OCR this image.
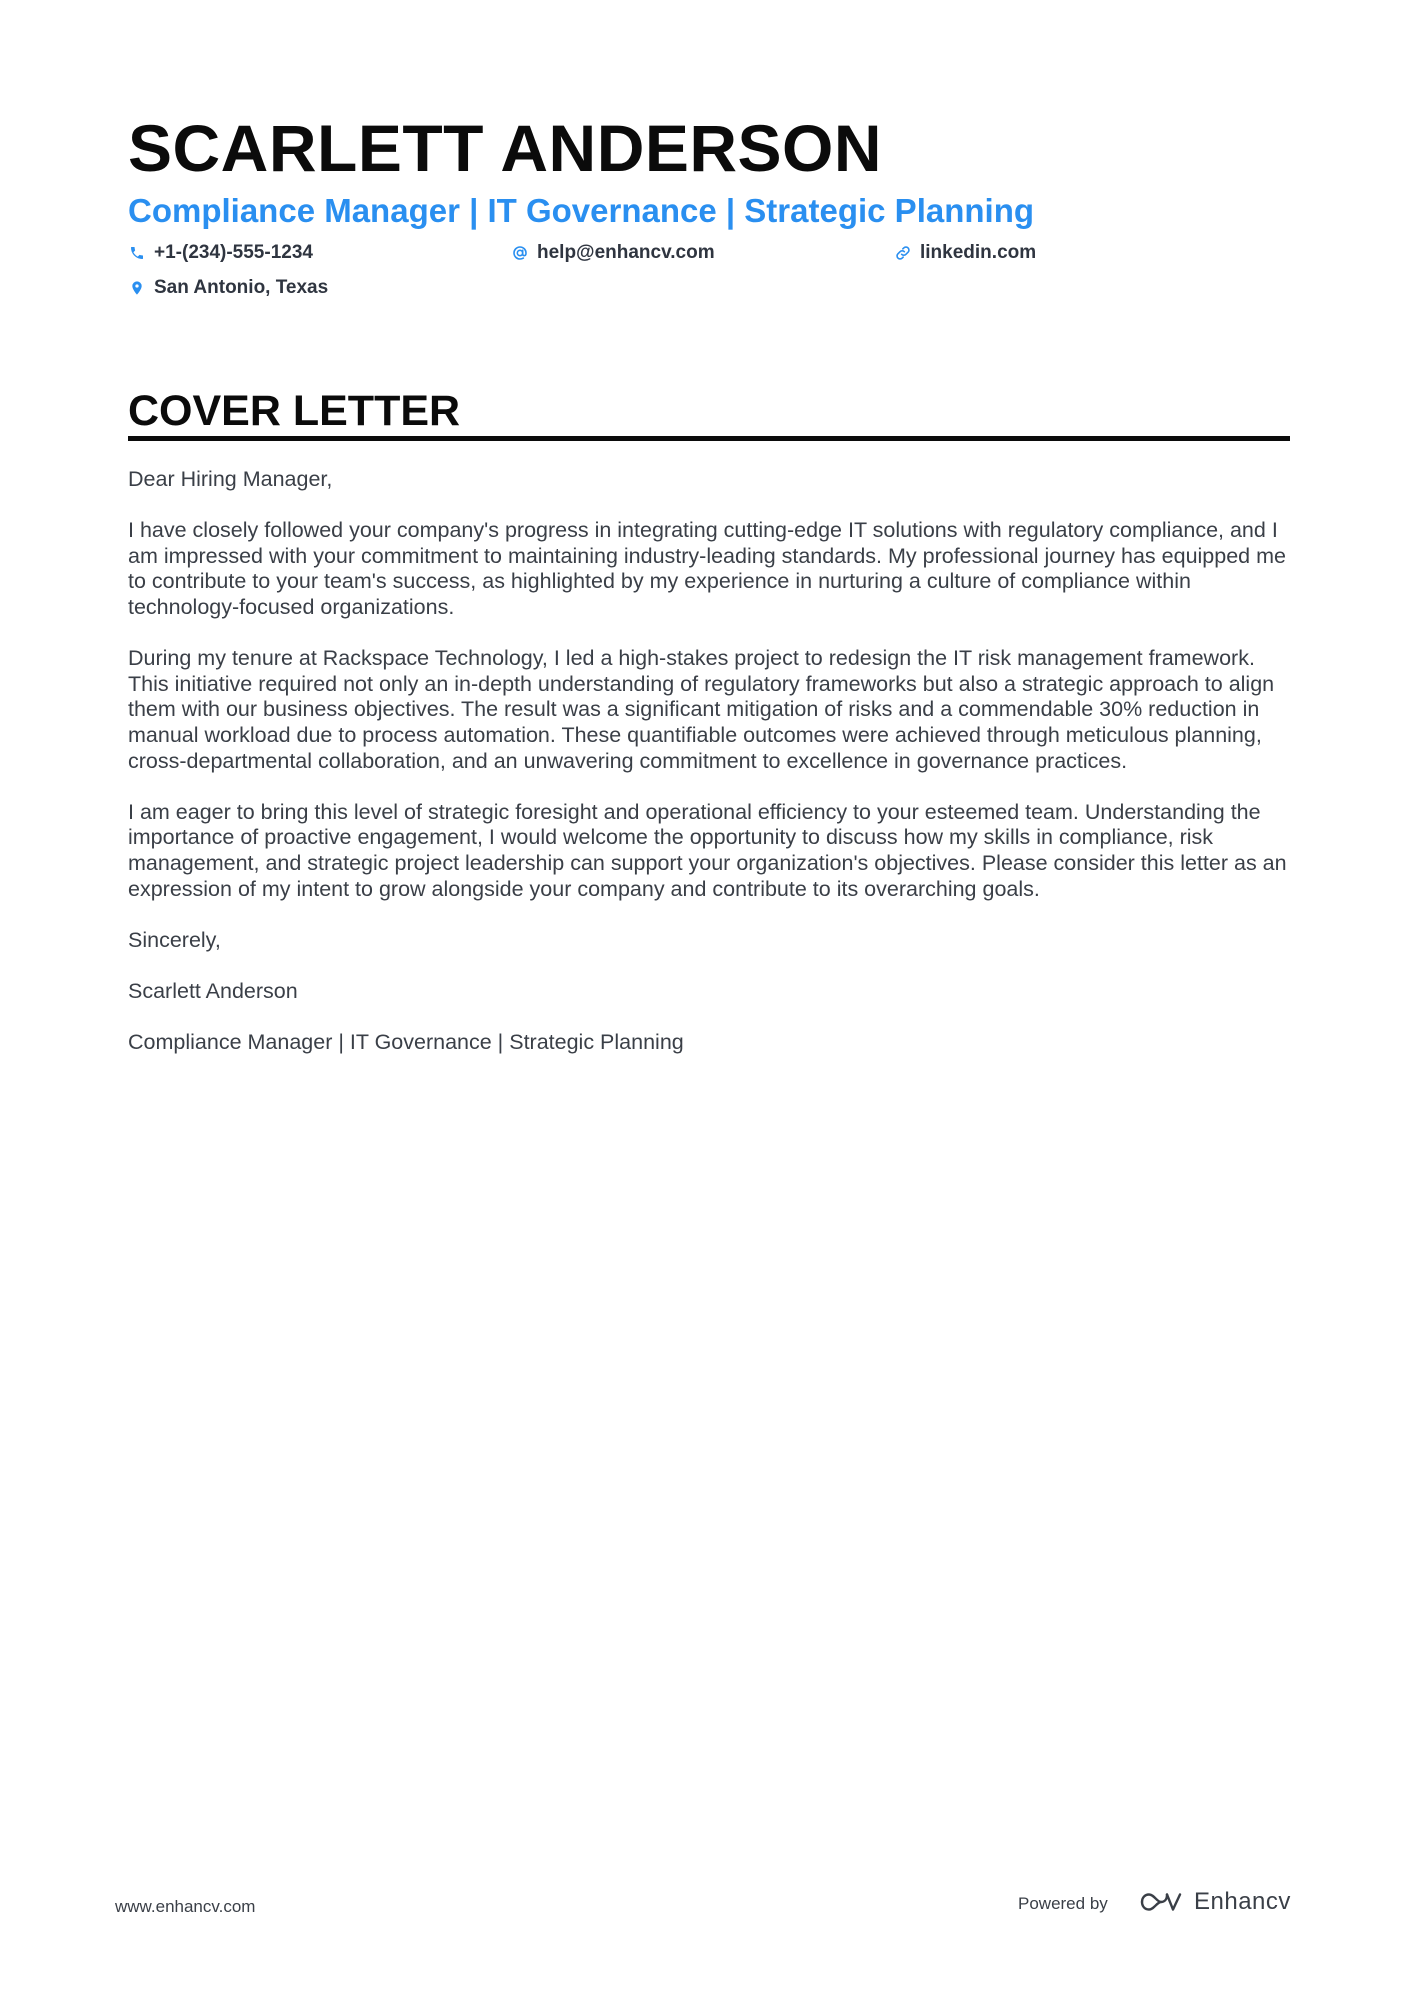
SCARLETT ANDERSON
Compliance Manager | IT Governance | Strategic Planning
+1-(234)-555-1234	help@enhancv.com	linkedin.com
San Antonio, Texas
COVER LETTER

Dear Hiring Manager,

I have closely followed your company's progress in integrating cutting-edge IT solutions with regulatory compliance, and I am impressed with your commitment to maintaining industry-leading standards. My professional journey has equipped me to contribute to your team's success, as highlighted by my experience in nurturing a culture of compliance within technology-focused organizations.

During my tenure at Rackspace Technology, I led a high-stakes project to redesign the IT risk management framework. This initiative required not only an in-depth understanding of regulatory frameworks but also a strategic approach to align them with our business objectives. The result was a significant mitigation of risks and a commendable 30% reduction in manual workload due to process automation. These quantifiable outcomes were achieved through meticulous planning, cross-departmental collaboration, and an unwavering commitment to excellence in governance practices.

I am eager to bring this level of strategic foresight and operational efficiency to your esteemed team. Understanding the importance of proactive engagement, I would welcome the opportunity to discuss how my skills in compliance, risk management, and strategic project leadership can support your organization's objectives. Please consider this letter as an expression of my intent to grow alongside your company and contribute to its overarching goals.

Sincerely,

Scarlett Anderson

Compliance Manager | IT Governance | Strategic Planning

www.enhancv.com	Powered by	Enhancv
